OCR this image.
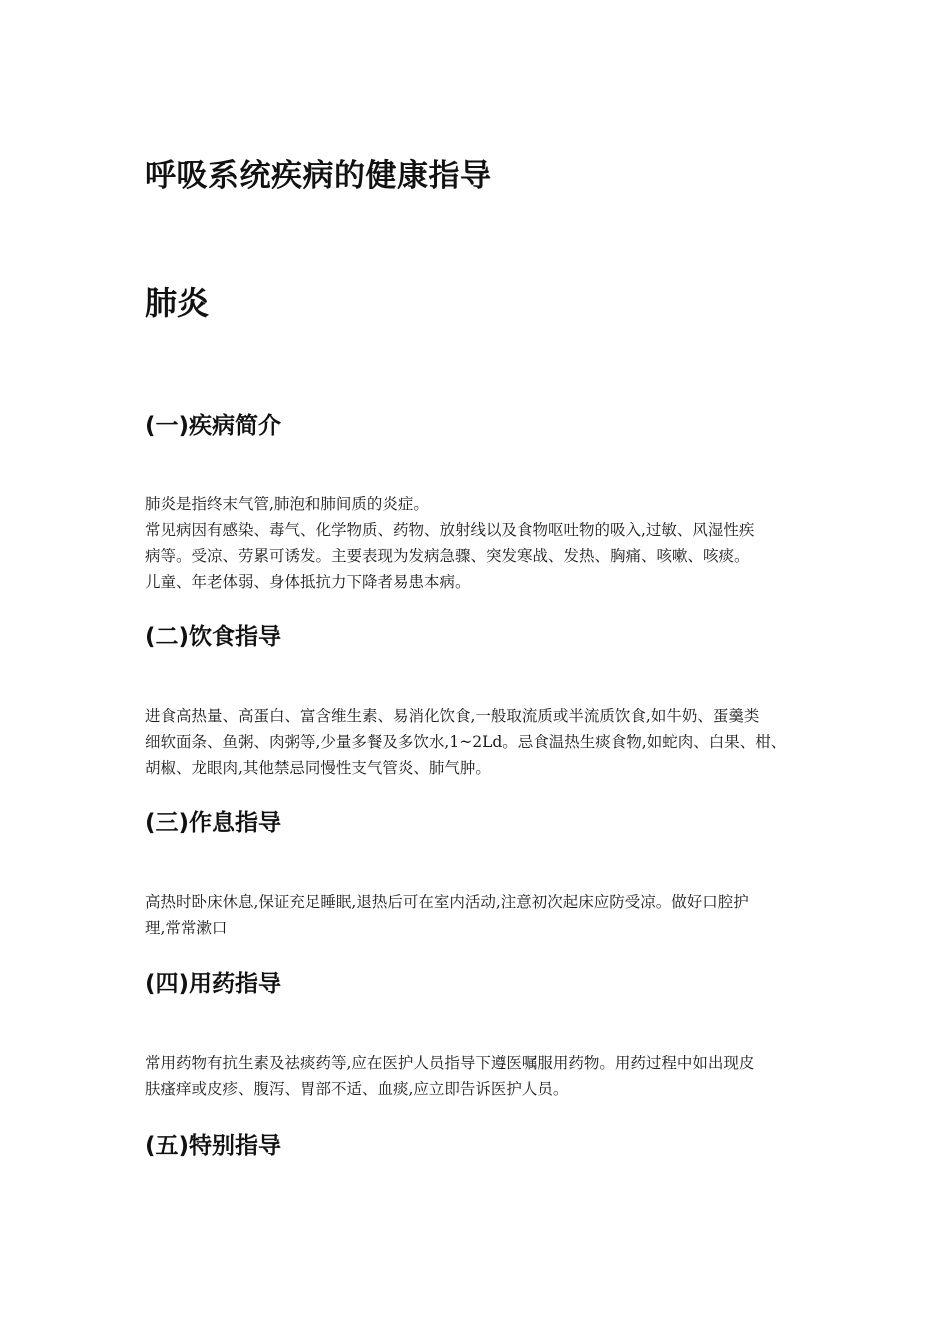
呼吸系统疾病的健康指导
肺炎
(一)疾病简介
肺炎是指终末气管,肺泡和肺间质的炎症。
常见病因有感染、毒气、化学物质、药物、放射线以及食物呕吐物的吸入,过敏、风湿性疾
病等。受凉、劳累可诱发。主要表现为发病急骤、突发寒战、发热、胸痛、咳嗽、咳痰。
儿童、年老体弱、身体抵抗力下降者易患本病。
(二)饮食指导
进食高热量、高蛋白、富含维生素、易消化饮食,一般取流质或半流质饮食,如牛奶、蛋羹类
细软面条、鱼粥、肉粥等,少量多餐及多饮水,1~2Ld。忌食温热生痰食物,如蛇肉、白果、柑、
胡椒、龙眼肉,其他禁忌同慢性支气管炎、肺气肿。
(三)作息指导
高热时卧床休息,保证充足睡眠,退热后可在室内活动,注意初次起床应防受凉。做好口腔护
理,常常漱口
(四)用药指导
常用药物有抗生素及祛痰药等,应在医护人员指导下遵医嘱服用药物。用药过程中如出现皮
肤瘙痒或皮疹、腹泻、胃部不适、血痰,应立即告诉医护人员。
(五)特别指导
